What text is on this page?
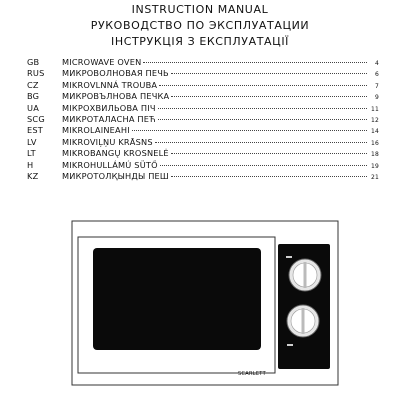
INSTRUCTION MANUAL
РУКОВОДСТВО ПО ЭКСПЛУАТАЦИИ
ІНСТРУКЦІЯ З ЕКСПЛУАТАЦІЇ
GB	MICROWAVE OVEN	4
RUS	МИКРОВОЛНОВАЯ ПЕЧЬ	6
CZ	MIKROVLNNÁ TROUBA	7
BG	МИКРОВЪЛНОВА ПЕЧКА	9
UA	МІКРОХВИЛЬОВА ПІЧ	11
SCG	МИКРОТАЛАСНА ПЕЋ	12
EST	MIKROLAINEAHI	14
LV	MIKROVIĻŅU KRĀSNS	16
LT	MIKROBANGŲ KROSNELĖ	18
H	MIKROHULLÁMÚ SÜTŐ	19
KZ	МИКРОТОЛҚЫНДЫ ПЕШ	21
SCARLETT
